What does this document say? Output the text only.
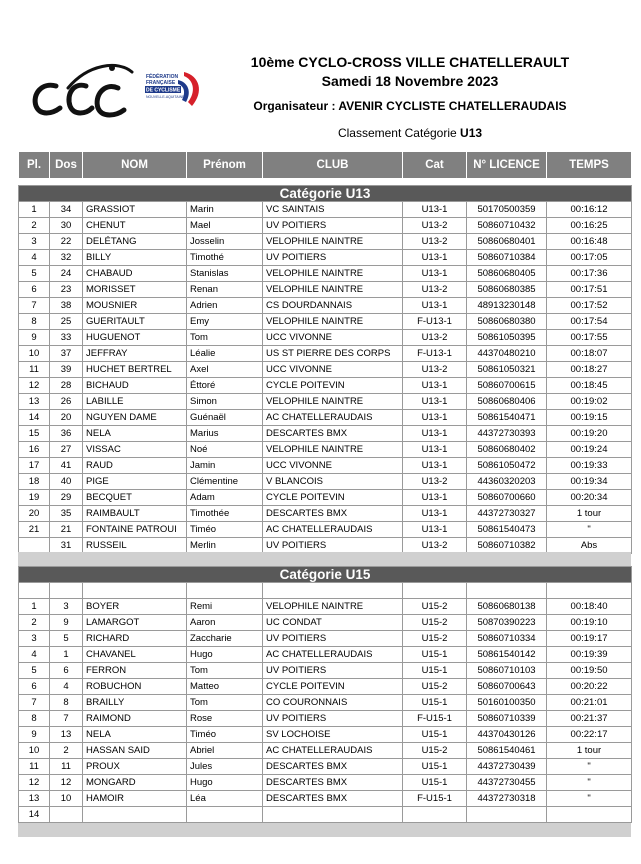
FÉDÉRATION
FRANÇAISE
DE CYCLISME
NOUVELLE-AQUITAINE
10ème CYCLO-CROSS VILLE CHATELLERAULT
Samedi 18 Novembre 2023
Organisateur : AVENIR CYCLISTE CHATELLERAUDAIS
Classement Catégorie U13
Pl.	Dos	NOM	Prénom	CLUB	Cat	N° LICENCE	TEMPS

Catégorie U13							
1	34	GRASSIOT	Marin	VC SAINTAIS	U13-1	50170500359	00:16:12
2	30	CHENUT	Mael	UV POITIERS	U13-2	50860710432	00:16:25
3	22	DELÉTANG	Josselin	VELOPHILE NAINTRE	U13-2	50860680401	00:16:48
4	32	BILLY	Timothé	UV POITIERS	U13-1	50860710384	00:17:05
5	24	CHABAUD	Stanislas	VELOPHILE NAINTRE	U13-1	50860680405	00:17:36
6	23	MORISSET	Renan	VELOPHILE NAINTRE	U13-2	50860680385	00:17:51
7	38	MOUSNIER	Adrien	CS DOURDANNAIS	U13-1	48913230148	00:17:52
8	25	GUERITAULT	Emy	VELOPHILE NAINTRE	F-U13-1	50860680380	00:17:54
9	33	HUGUENOT	Tom	UCC VIVONNE	U13-2	50861050395	00:17:55
10	37	JEFFRAY	Léalie	US ST PIERRE DES CORPS	F-U13-1	44370480210	00:18:07
11	39	HUCHET BERTREL	Axel	UCC VIVONNE	U13-2	50861050321	00:18:27
12	28	BICHAUD	Éttoré	CYCLE POITEVIN	U13-1	50860700615	00:18:45
13	26	LABILLE	Simon	VELOPHILE NAINTRE	U13-1	50860680406	00:19:02
14	20	NGUYEN DAME	Guénaël	AC CHATELLERAUDAIS	U13-1	50861540471	00:19:15
15	36	NELA	Marius	DESCARTES BMX	U13-1	44372730393	00:19:20
16	27	VISSAC	Noé	VELOPHILE NAINTRE	U13-1	50860680402	00:19:24
17	41	RAUD	Jamin	UCC VIVONNE	U13-1	50861050472	00:19:33
18	40	PIGE	Clémentine	V BLANCOIS	U13-2	44360320203	00:19:34
19	29	BECQUET	Adam	CYCLE POITEVIN	U13-1	50860700660	00:20:34
20	35	RAIMBAULT	Timothée	DESCARTES BMX	U13-1	44372730327	1 tour
21	21	FONTAINE PATROUI	Timéo	AC CHATELLERAUDAIS	U13-1	50861540473	"
	31	RUSSEIL	Merlin	UV POITIERS	U13-2	50860710382	Abs
Catégorie U15							

1	3	BOYER	Remi	VELOPHILE NAINTRE	U15-2	50860680138	00:18:40
2	9	LAMARGOT	Aaron	UC CONDAT	U15-2	50870390223	00:19:10
3	5	RICHARD	Zaccharie	UV POITIERS	U15-2	50860710334	00:19:17
4	1	CHAVANEL	Hugo	AC CHATELLERAUDAIS	U15-1	50861540142	00:19:39
5	6	FERRON	Tom	UV POITIERS	U15-1	50860710103	00:19:50
6	4	ROBUCHON	Matteo	CYCLE POITEVIN	U15-2	50860700643	00:20:22
7	8	BRAILLY	Tom	CO COURONNAIS	U15-1	50160100350	00:21:01
8	7	RAIMOND	Rose	UV POITIERS	F-U15-1	50860710339	00:21:37
9	13	NELA	Timéo	SV LOCHOISE	U15-1	44370430126	00:22:17
10	2	HASSAN SAID	Abriel	AC CHATELLERAUDAIS	U15-2	50861540461	1 tour
11	11	PROUX	Jules	DESCARTES BMX	U15-1	44372730439	"
12	12	MONGARD	Hugo	DESCARTES BMX	U15-1	44372730455	"
13	10	HAMOIR	Léa	DESCARTES BMX	F-U15-1	44372730318	"
14							
